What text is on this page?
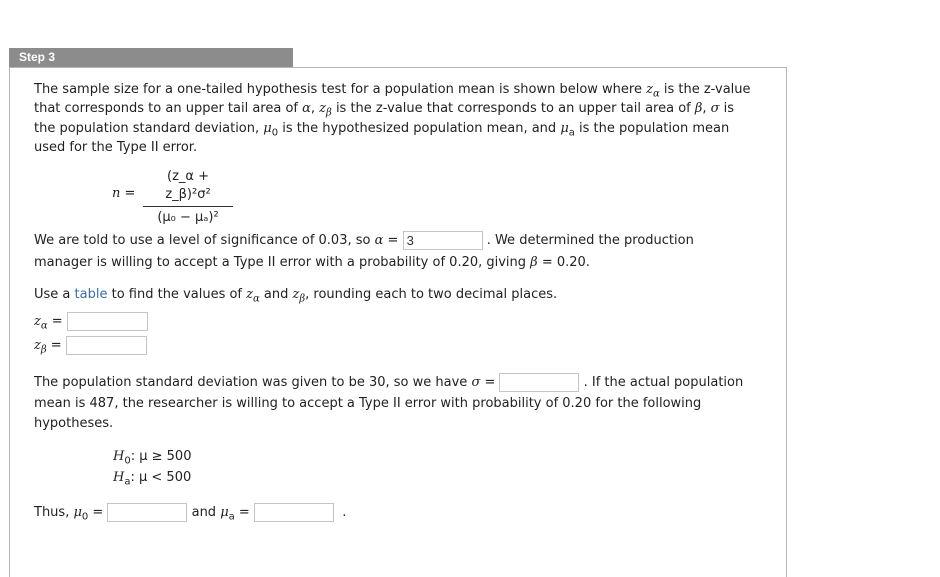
Step 3
The sample size for a one-tailed hypothesis test for a population mean is shown below where $z_\alpha$ is the z-value
that corresponds to an upper tail area of α, $z_\beta$ is the z-value that corresponds to an upper tail area of β, σ is
the population standard deviation, $\mu_0$ is the hypothesized population mean, and $\mu_a$ is the population mean
used for the Type II error.
n =
(z_α + z_β)²σ²
(μ₀ − μₐ)²
We are told to use a level of significance of 0.03, so α = 3	. We determined the production
manager is willing to accept a Type II error with a probability of 0.20, giving β = 0.20.
Use a table to find the values of $z_\alpha$ and $z_\beta$, rounding each to two decimal places.
$z_\alpha$ =
$z_\beta$ =
The population standard deviation was given to be 30, so we have σ =	. If the actual population
mean is 487, the researcher is willing to accept a Type II error with probability of 0.20 for the following
hypotheses.
$H_0$: μ ≥ 500
$H_a$: μ < 500
Thus, $\mu_0$ =	and $\mu_a$ =	.
